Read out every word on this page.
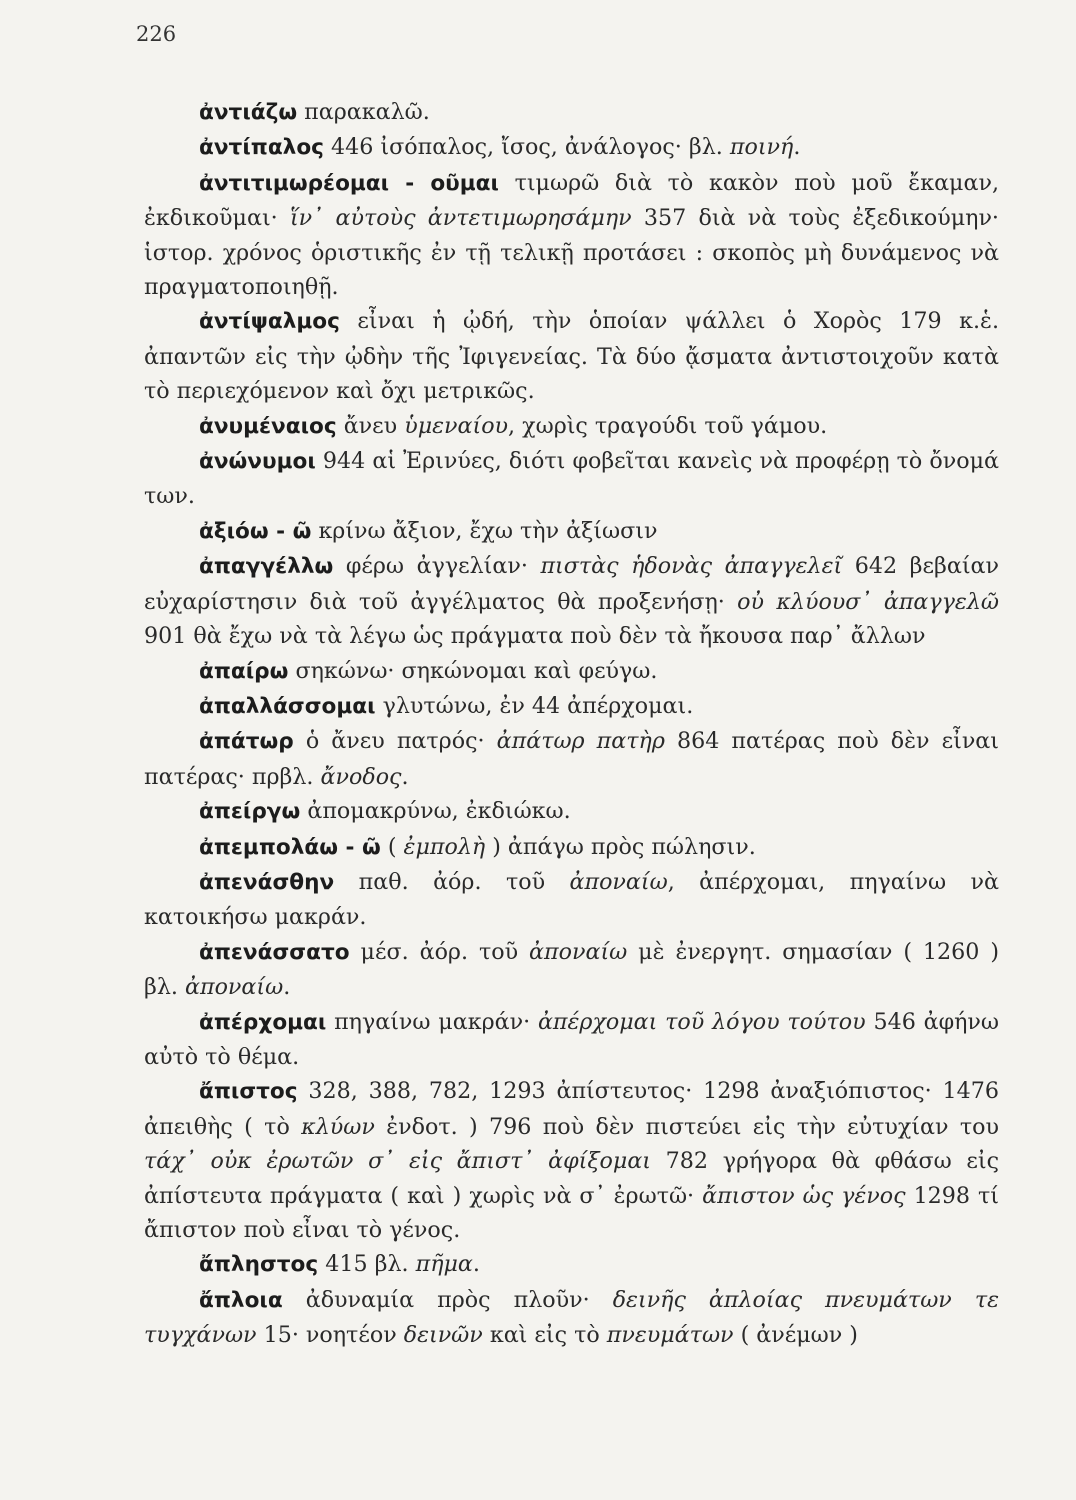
226

ἀντιάζω παρακαλῶ.

ἀντίπαλος 446 ἰσόπαλος, ἴσος, ἀνάλογος· βλ. ποινή.

ἀντιτιμωρέομαι - οῦμαι τιμωρῶ διὰ τὸ κακὸν ποὺ μοῦ ἔκαμαν, ἐκδικοῦμαι· ἵν᾽ αὐτοὺς ἀντετιμωρησάμην 357 διὰ νὰ τοὺς ἐξεδικούμην· ἱστορ. χρόνος ὁριστικῆς ἐν τῇ τελικῇ προτάσει : σκοπὸς μὴ δυνάμενος νὰ πραγματοποιηθῇ.

ἀντίψαλμος εἶναι ἡ ᾠδή, τὴν ὁποίαν ψάλλει ὁ Χορὸς 179 κ.ἑ. ἀπαντῶν εἰς τὴν ᾠδὴν τῆς Ἰφιγενείας. Τὰ δύο ᾄσματα ἀντιστοιχοῦν κατὰ τὸ περιεχόμενον καὶ ὄχι μετρικῶς.

ἀνυμέναιος ἄνευ ὑμεναίου, χωρὶς τραγούδι τοῦ γάμου.

ἀνώνυμοι 944 αἱ Ἐρινύες, διότι φοβεῖται κανεὶς νὰ προφέρῃ τὸ ὄνομά των.

ἀξιόω - ῶ κρίνω ἄξιον, ἔχω τὴν ἀξίωσιν

ἀπαγγέλλω φέρω ἀγγελίαν· πιστὰς ἡδονὰς ἀπαγγελεῖ 642 βεβαίαν εὐχαρίστησιν διὰ τοῦ ἀγγέλματος θὰ προξενήσῃ· οὐ κλύουσ᾽ ἀπαγγελῶ 901 θὰ ἔχω νὰ τὰ λέγω ὡς πράγματα ποὺ δὲν τὰ ἤκουσα παρ᾽ ἄλλων

ἀπαίρω σηκώνω· σηκώνομαι καὶ φεύγω.

ἀπαλλάσσομαι γλυτώνω, ἐν 44 ἀπέρχομαι.

ἀπάτωρ ὁ ἄνευ πατρός· ἀπάτωρ πατὴρ 864 πατέρας ποὺ δὲν εἶναι πατέρας· πρβλ. ἄνοδος.

ἀπείργω ἀπομακρύνω, ἐκδιώκω.

ἀπεμπολάω - ῶ ( ἐμπολὴ ) ἀπάγω πρὸς πώλησιν.

ἀπενάσθην παθ. ἀόρ. τοῦ ἀποναίω, ἀπέρχομαι, πηγαίνω νὰ κατοικήσω μακράν.

ἀπενάσσατο μέσ. ἀόρ. τοῦ ἀποναίω μὲ ἐνεργητ. σημασίαν ( 1260 ) βλ. ἀποναίω.

ἀπέρχομαι πηγαίνω μακράν· ἀπέρχομαι τοῦ λόγου τούτου 546 ἀφήνω αὐτὸ τὸ θέμα.

ἄπιστος 328, 388, 782, 1293 ἀπίστευτος· 1298 ἀναξιόπιστος· 1476 ἀπειθὴς ( τὸ κλύων ἐνδοτ. ) 796 ποὺ δὲν πιστεύει εἰς τὴν εὐτυχίαν του τάχ᾽ οὐκ ἐρωτῶν σ᾽ εἰς ἄπιστ᾽ ἀφίξομαι 782 γρήγορα θὰ φθάσω εἰς ἀπίστευτα πράγματα ( καὶ ) χωρὶς νὰ σ᾽ ἐρωτῶ· ἄπιστον ὡς γένος 1298 τί ἄπιστον ποὺ εἶναι τὸ γένος.

ἄπληστος 415 βλ. πῆμα.

ἄπλοια ἀδυναμία πρὸς πλοῦν· δεινῆς ἀπλοίας πνευμάτων τε τυγχάνων 15· νοητέον δεινῶν καὶ εἰς τὸ πνευμάτων ( ἀνέμων )
